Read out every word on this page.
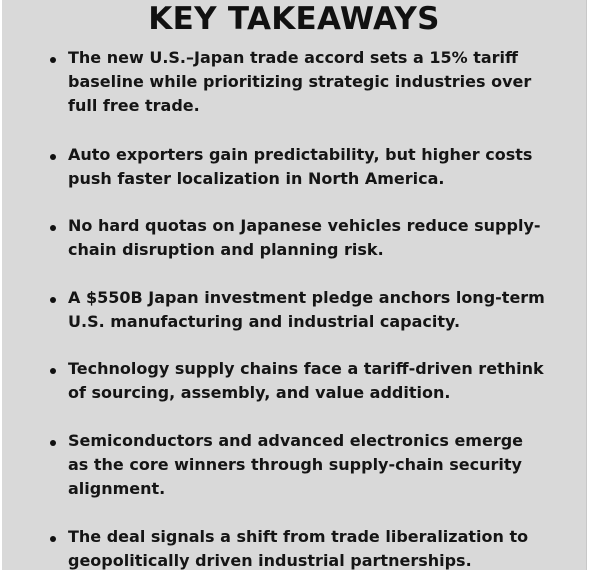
KEY TAKEAWAYS
The new U.S.–Japan trade accord sets a 15% tariff baseline while prioritizing strategic industries over full free trade.
Auto exporters gain predictability, but higher costs push faster localization in North America.
No hard quotas on Japanese vehicles reduce supply-chain disruption and planning risk.
A $550B Japan investment pledge anchors long-term U.S. manufacturing and industrial capacity.
Technology supply chains face a tariff-driven rethink of sourcing, assembly, and value addition.
Semiconductors and advanced electronics emerge as the core winners through supply-chain security alignment.
The deal signals a shift from trade liberalization to geopolitically driven industrial partnerships.
